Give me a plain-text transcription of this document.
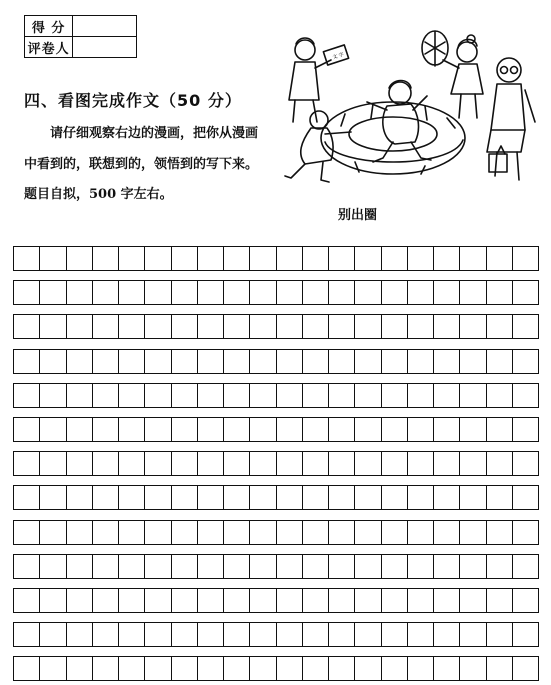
得 分	
评卷人	
四、看图完成作文（50 分）
请仔细观察右边的漫画，把你从漫画中看到的，联想到的，领悟到的写下来。题目自拟，500 字左右。
文 字
别出圈
